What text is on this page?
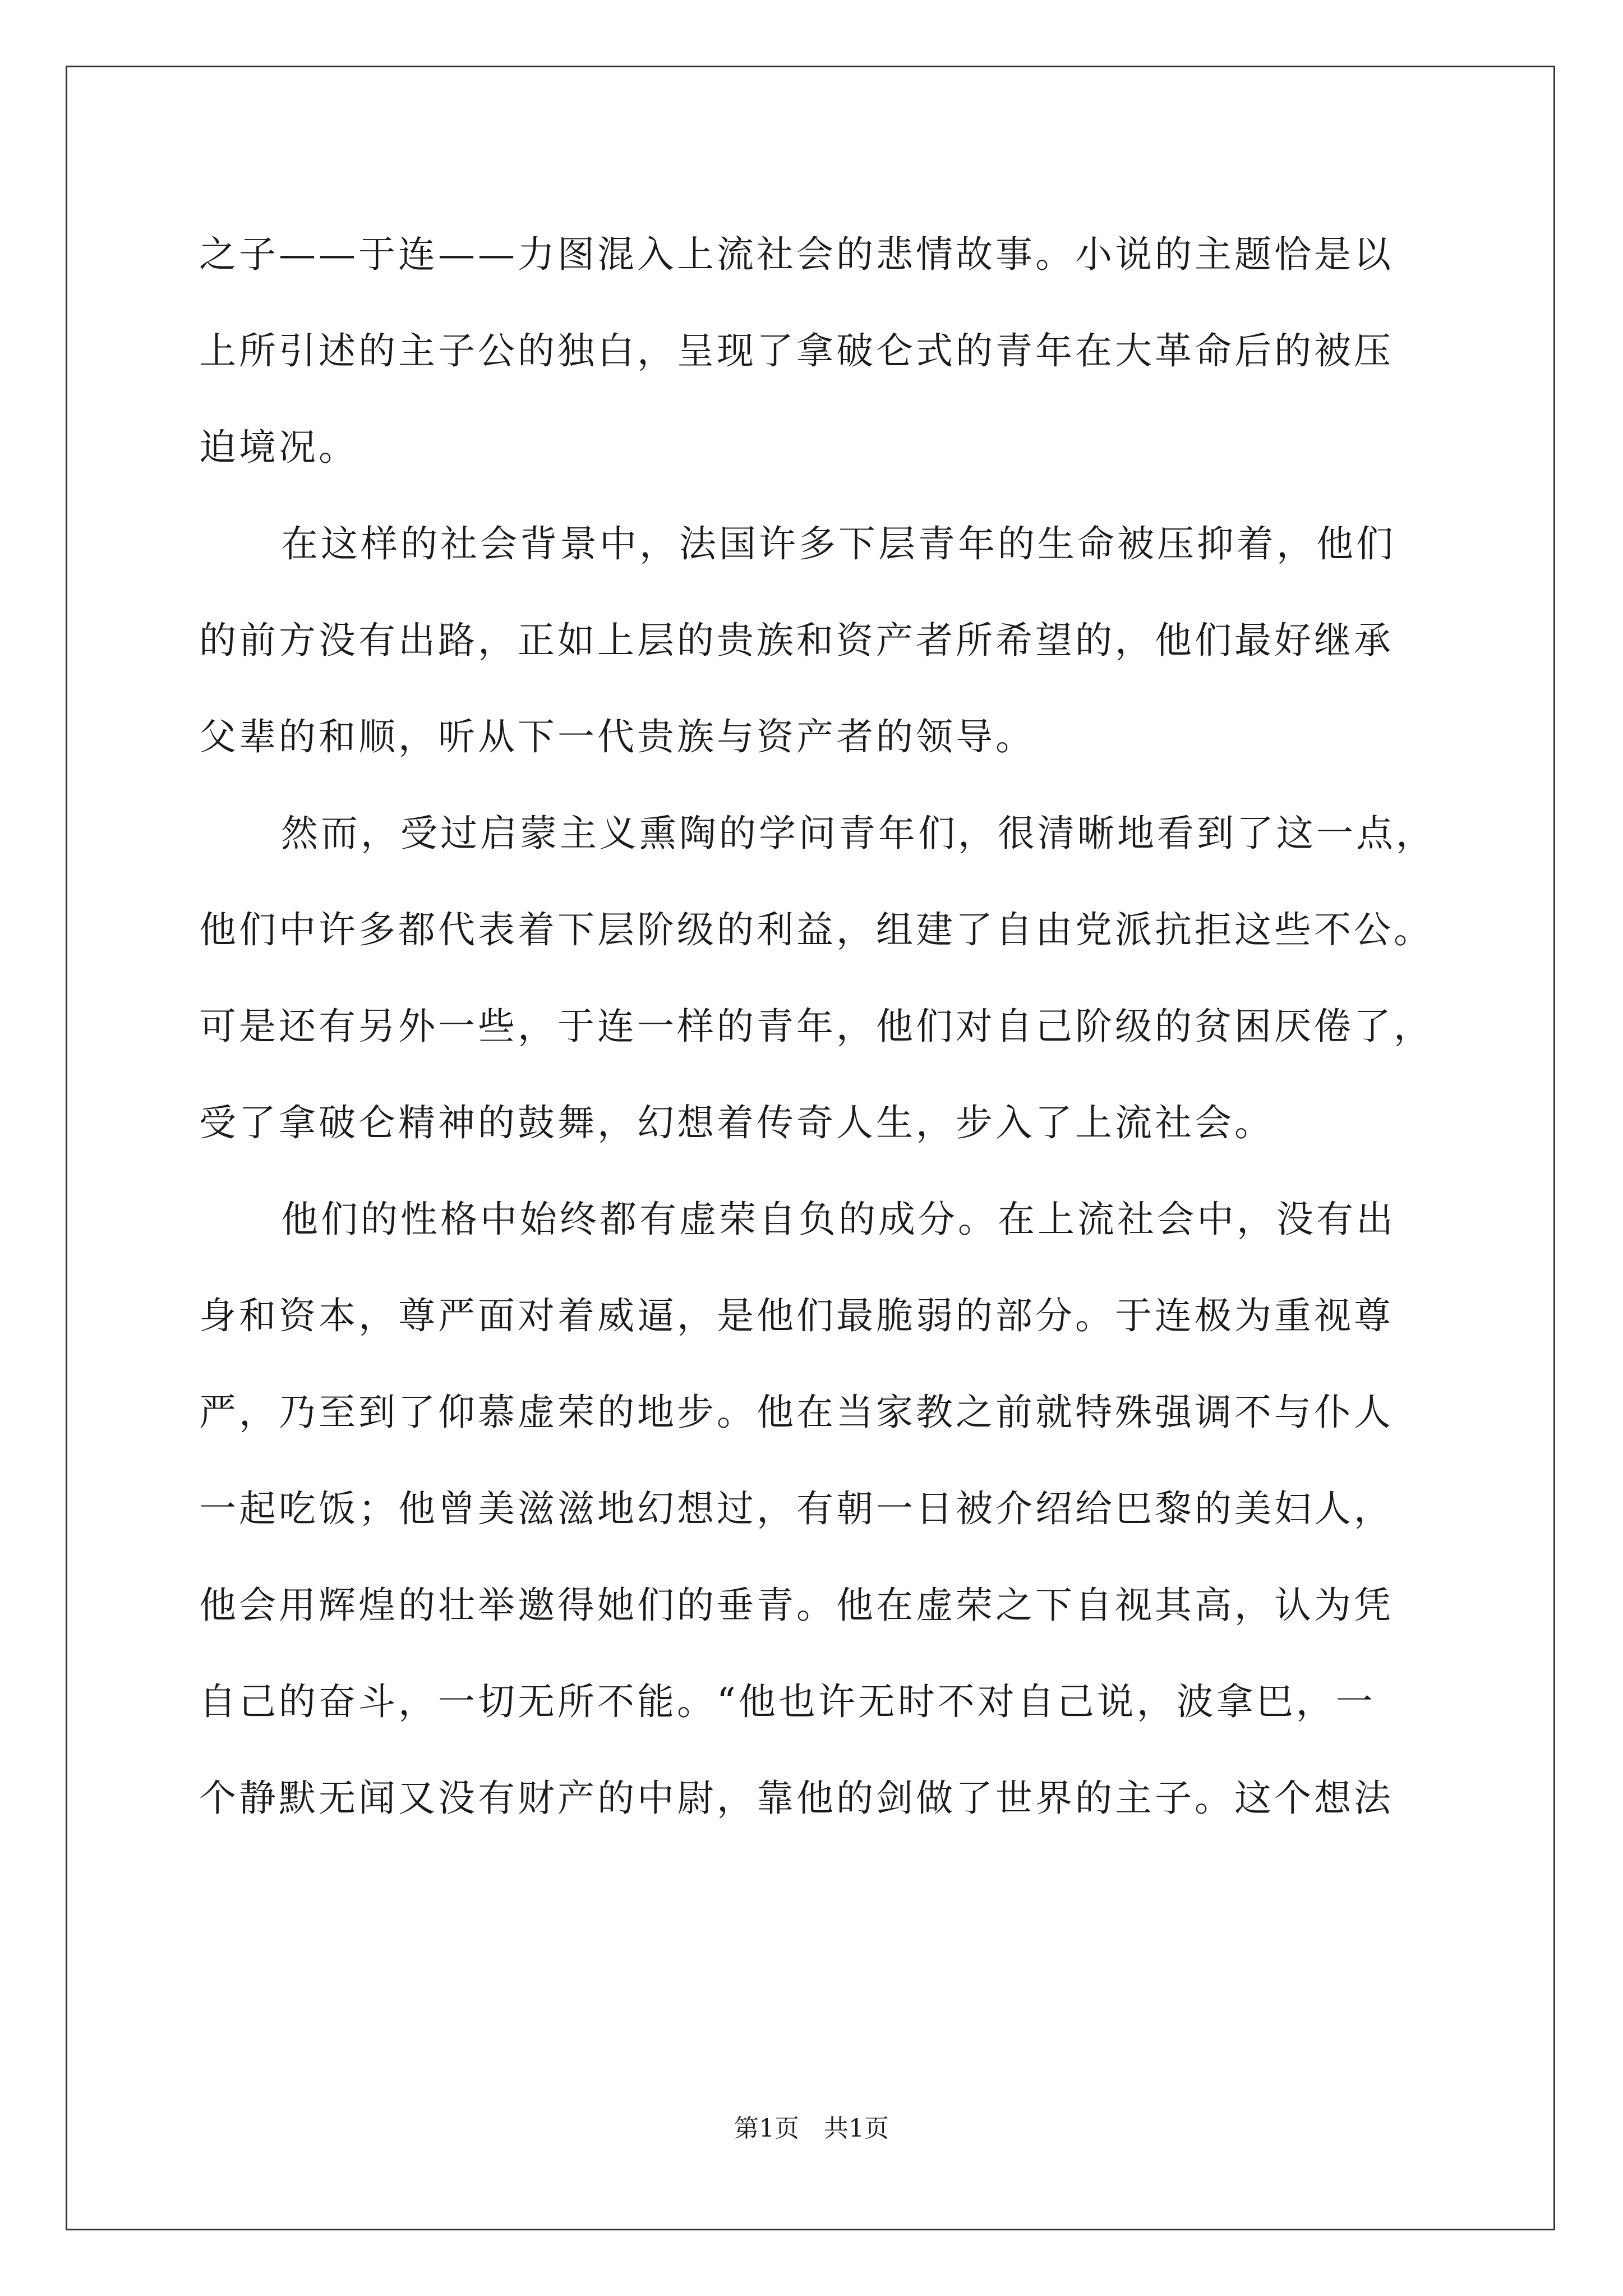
之子——于连——力图混入上流社会的悲情故事。小说的主题恰是以
上所引述的主子公的独白，呈现了拿破仑式的青年在大革命后的被压
迫境况。
在这样的社会背景中，法国许多下层青年的生命被压抑着，他们
的前方没有出路，正如上层的贵族和资产者所希望的，他们最好继承
父辈的和顺，听从下一代贵族与资产者的领导。
然而，受过启蒙主义熏陶的学问青年们，很清晰地看到了这一点，
他们中许多都代表着下层阶级的利益，组建了自由党派抗拒这些不公。
可是还有另外一些，于连一样的青年，他们对自己阶级的贫困厌倦了，
受了拿破仑精神的鼓舞，幻想着传奇人生，步入了上流社会。
他们的性格中始终都有虚荣自负的成分。在上流社会中，没有出
身和资本，尊严面对着威逼，是他们最脆弱的部分。于连极为重视尊
严，乃至到了仰慕虚荣的地步。他在当家教之前就特殊强调不与仆人
一起吃饭；他曾美滋滋地幻想过，有朝一日被介绍给巴黎的美妇人，
他会用辉煌的壮举邀得她们的垂青。他在虚荣之下自视其高，认为凭
自己的奋斗，一切无所不能。“他也许无时不对自己说，波拿巴，一
个静默无闻又没有财产的中尉，靠他的剑做了世界的主子。这个想法
第1页 共1页
